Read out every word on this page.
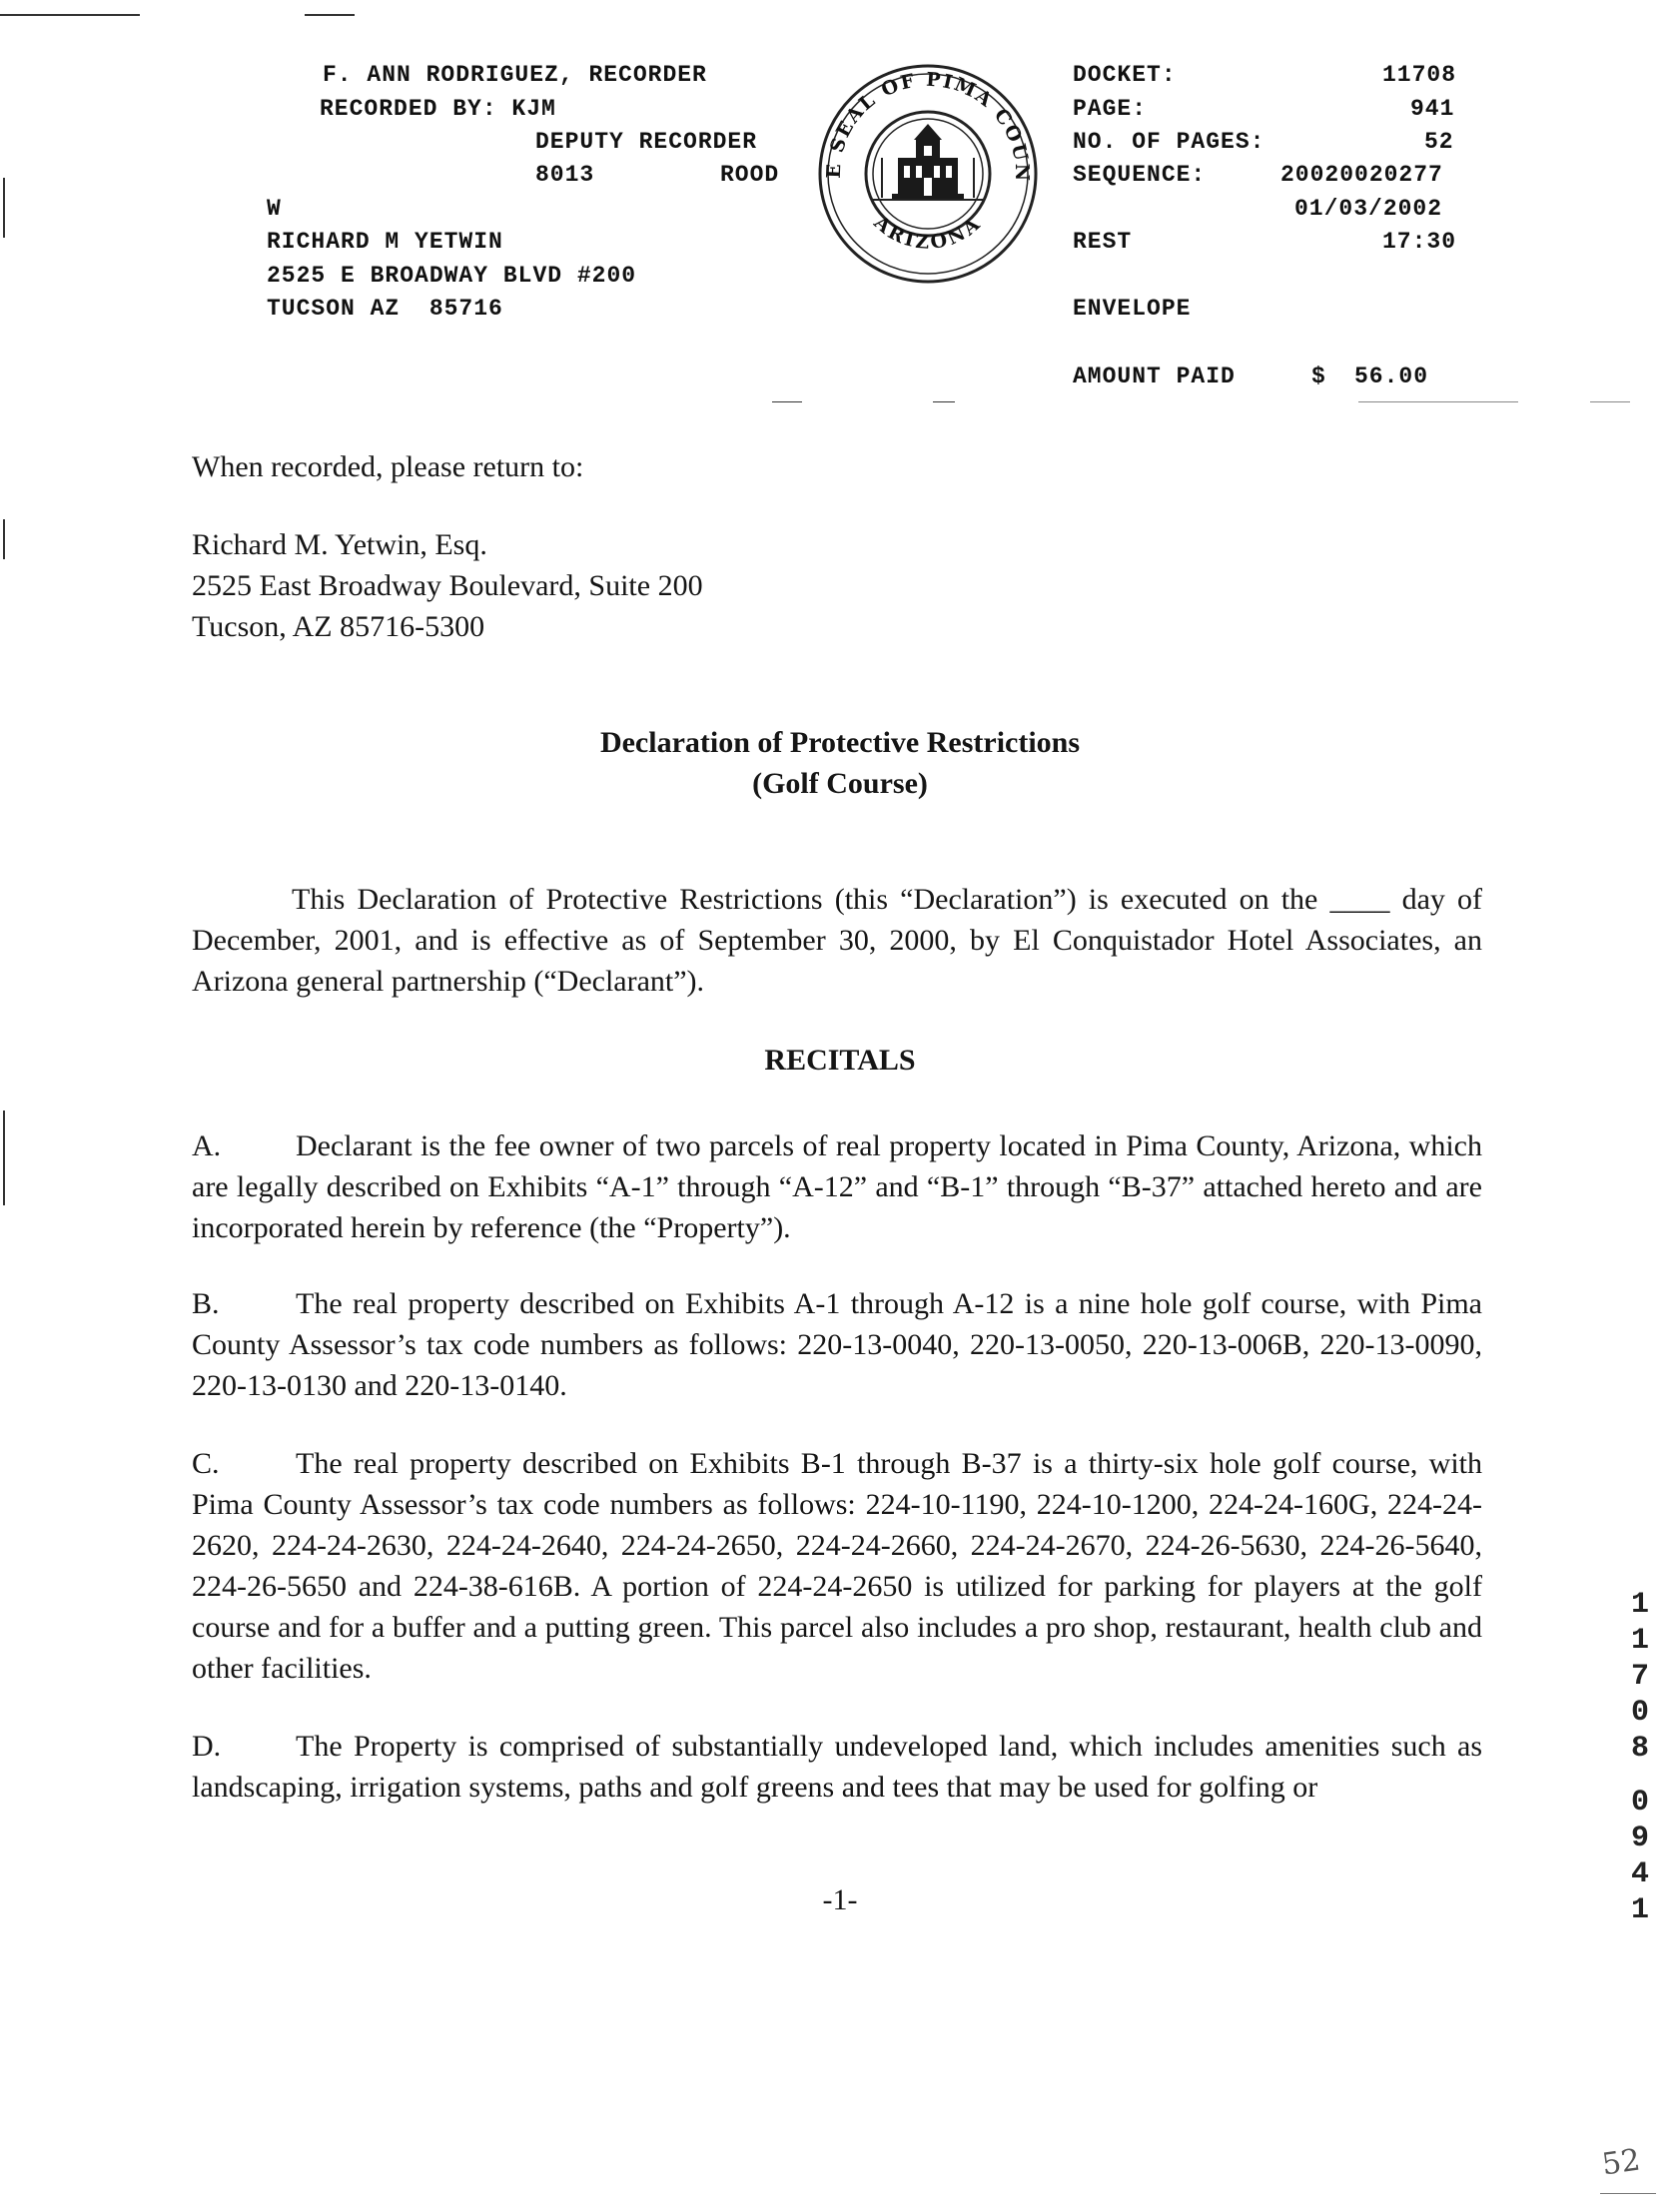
F. ANN RODRIGUEZ, RECORDER
RECORDED BY: KJM
DEPUTY RECORDER
8013	ROOD
W
RICHARD M YETWIN
2525 E BROADWAY BLVD #200
TUCSON AZ  85716
E SEAL OF PIMA COUN
ARIZONA
DOCKET:	11708
PAGE:	941
NO. OF PAGES:	52
SEQUENCE:	20020020277
01/03/2002
REST	17:30
ENVELOPE
AMOUNT PAID	$ 56.00
When recorded, please return to:
Richard M. Yetwin, Esq.
2525 East Broadway Boulevard, Suite 200
Tucson, AZ 85716-5300
Declaration of Protective Restrictions
(Golf Course)
This Declaration of Protective Restrictions (this “Declaration”) is executed on the ____ day of December, 2001, and is effective as of September 30, 2000, by El Conquistador Hotel Associates, an Arizona general partnership (“Declarant”).
RECITALS
A. Declarant is the fee owner of two parcels of real property located in Pima County, Arizona, which are legally described on Exhibits “A-1” through “A-12” and “B-1” through “B-37” attached hereto and are incorporated herein by reference (the “Property”).
B.	The real property described on Exhibits A-1 through A-12 is a nine hole golf course, with Pima County Assessor’s tax code numbers as follows: 220-13-0040, 220-13-0050, 220-13-006B, 220-13-0090, 220-13-0130 and 220-13-0140.
C.	The real property described on Exhibits B-1 through B-37 is a thirty-six hole golf course, with Pima County Assessor’s tax code numbers as follows: 224-10-1190, 224-10-1200, 224-24-160G, 224-24-2620, 224-24-2630, 224-24-2640, 224-24-2650, 224-24-2660, 224-24-2670, 224-26-5630, 224-26-5640, 224-26-5650 and 224-38-616B. A portion of 224-24-2650 is utilized for parking for players at the golf course and for a buffer and a putting green. This parcel also includes a pro shop, restaurant, health club and other facilities.
D. The Property is comprised of substantially undeveloped land, which includes amenities such as landscaping, irrigation systems, paths and golf greens and tees that may be used for golfing or
-1-
1
1
7
0
8
0
9
4
1
52
